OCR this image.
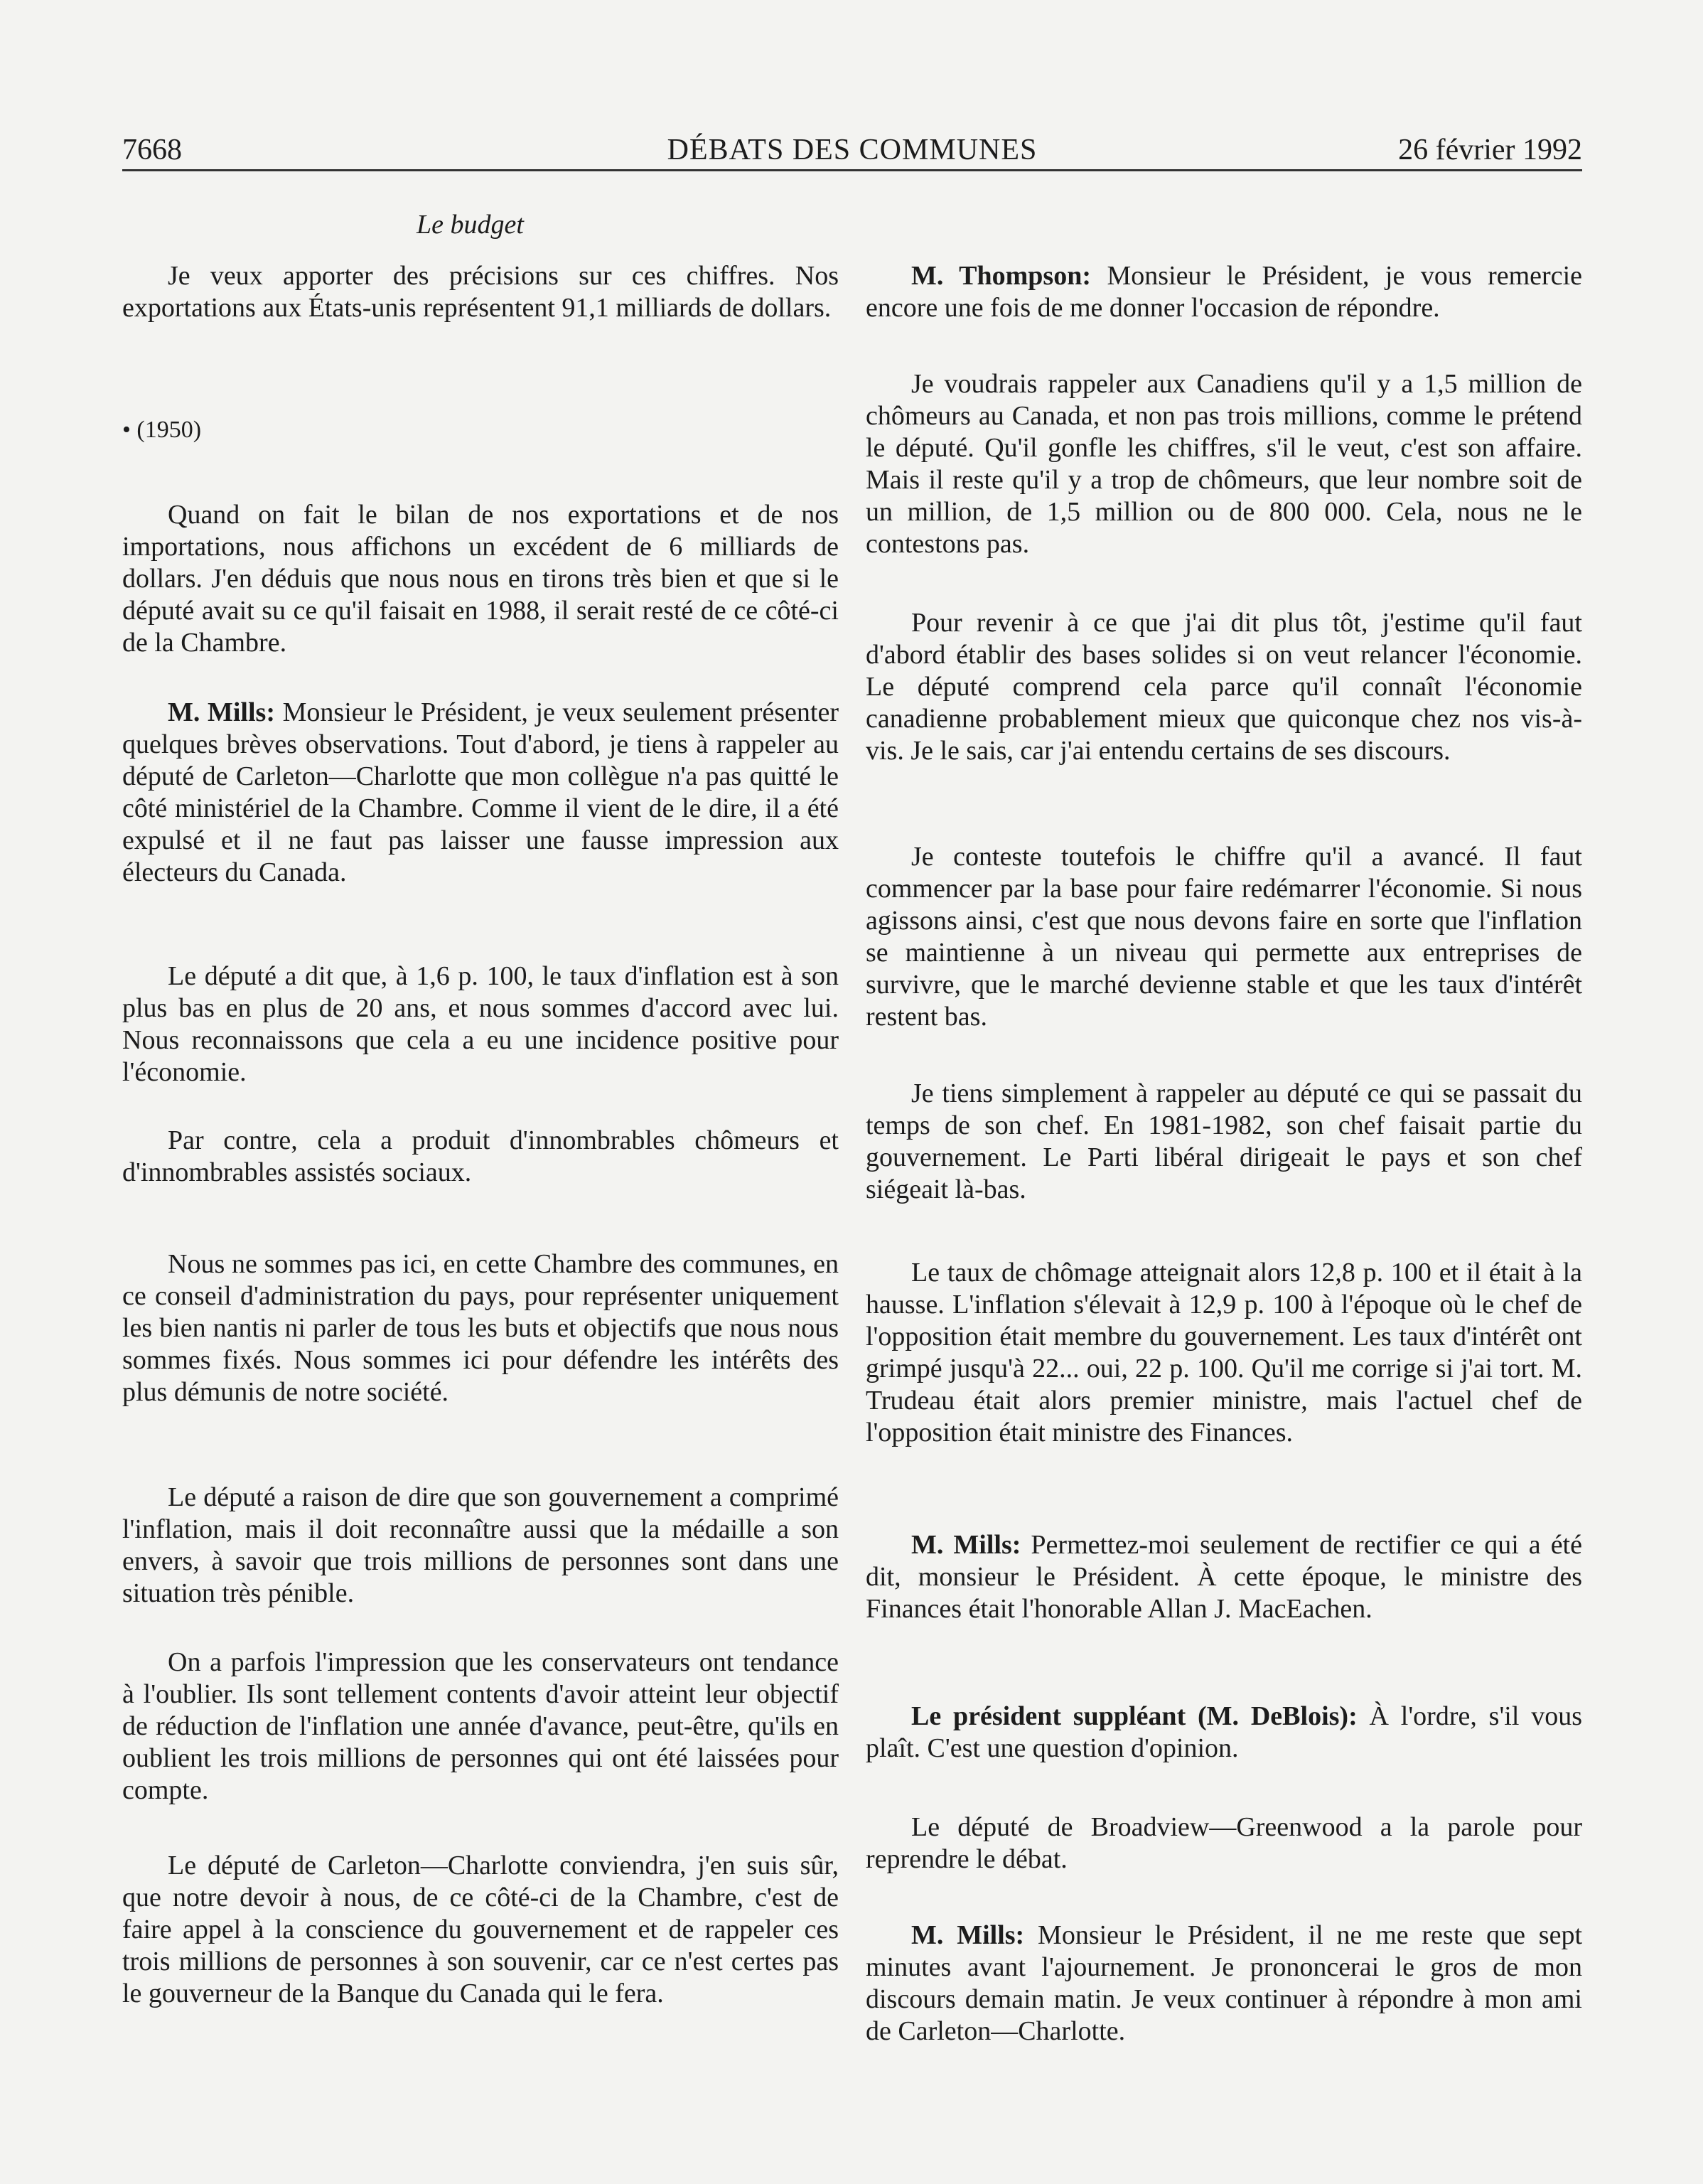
7668	DÉBATS DES COMMUNES	26 février 1992
Le budget

Je veux apporter des précisions sur ces chiffres. Nos exportations aux États-unis représentent 91,1 milliards de dollars.

• (1950)

Quand on fait le bilan de nos exportations et de nos importations, nous affichons un excédent de 6 milliards de dollars. J'en déduis que nous nous en tirons très bien et que si le député avait su ce qu'il faisait en 1988, il serait resté de ce côté-ci de la Chambre.

M. Mills: Monsieur le Président, je veux seulement présenter quelques brèves observations. Tout d'abord, je tiens à rappeler au député de Carleton—Charlotte que mon collègue n'a pas quitté le côté ministériel de la Chambre. Comme il vient de le dire, il a été expulsé et il ne faut pas laisser une fausse impression aux électeurs du Canada.

Le député a dit que, à 1,6 p. 100, le taux d'inflation est à son plus bas en plus de 20 ans, et nous sommes d'accord avec lui. Nous reconnaissons que cela a eu une incidence positive pour l'économie.

Par contre, cela a produit d'innombrables chômeurs et d'innombrables assistés sociaux.

Nous ne sommes pas ici, en cette Chambre des communes, en ce conseil d'administration du pays, pour représenter uniquement les bien nantis ni parler de tous les buts et objectifs que nous nous sommes fixés. Nous sommes ici pour défendre les intérêts des plus démunis de notre société.

Le député a raison de dire que son gouvernement a comprimé l'inflation, mais il doit reconnaître aussi que la médaille a son envers, à savoir que trois millions de personnes sont dans une situation très pénible.

On a parfois l'impression que les conservateurs ont tendance à l'oublier. Ils sont tellement contents d'avoir atteint leur objectif de réduction de l'inflation une année d'avance, peut-être, qu'ils en oublient les trois millions de personnes qui ont été laissées pour compte.

Le député de Carleton—Charlotte conviendra, j'en suis sûr, que notre devoir à nous, de ce côté-ci de la Chambre, c'est de faire appel à la conscience du gouvernement et de rappeler ces trois millions de personnes à son souvenir, car ce n'est certes pas le gouverneur de la Banque du Canada qui le fera.

M. Thompson: Monsieur le Président, je vous remercie encore une fois de me donner l'occasion de répondre.

Je voudrais rappeler aux Canadiens qu'il y a 1,5 million de chômeurs au Canada, et non pas trois millions, comme le prétend le député. Qu'il gonfle les chiffres, s'il le veut, c'est son affaire. Mais il reste qu'il y a trop de chômeurs, que leur nombre soit de un million, de 1,5 million ou de 800 000. Cela, nous ne le contestons pas.

Pour revenir à ce que j'ai dit plus tôt, j'estime qu'il faut d'abord établir des bases solides si on veut relancer l'économie. Le député comprend cela parce qu'il connaît l'économie canadienne probablement mieux que quiconque chez nos vis-à-vis. Je le sais, car j'ai entendu certains de ses discours.

Je conteste toutefois le chiffre qu'il a avancé. Il faut commencer par la base pour faire redémarrer l'économie. Si nous agissons ainsi, c'est que nous devons faire en sorte que l'inflation se maintienne à un niveau qui permette aux entreprises de survivre, que le marché devienne stable et que les taux d'intérêt restent bas.

Je tiens simplement à rappeler au député ce qui se passait du temps de son chef. En 1981-1982, son chef faisait partie du gouvernement. Le Parti libéral dirigeait le pays et son chef siégeait là-bas.

Le taux de chômage atteignait alors 12,8 p. 100 et il était à la hausse. L'inflation s'élevait à 12,9 p. 100 à l'époque où le chef de l'opposition était membre du gouvernement. Les taux d'intérêt ont grimpé jusqu'à 22... oui, 22 p. 100. Qu'il me corrige si j'ai tort. M. Trudeau était alors premier ministre, mais l'actuel chef de l'opposition était ministre des Finances.

M. Mills: Permettez-moi seulement de rectifier ce qui a été dit, monsieur le Président. À cette époque, le ministre des Finances était l'honorable Allan J. MacEachen.

Le président suppléant (M. DeBlois): À l'ordre, s'il vous plaît. C'est une question d'opinion.

Le député de Broadview—Greenwood a la parole pour reprendre le débat.

M. Mills: Monsieur le Président, il ne me reste que sept minutes avant l'ajournement. Je prononcerai le gros de mon discours demain matin. Je veux continuer à répondre à mon ami de Carleton—Charlotte.
